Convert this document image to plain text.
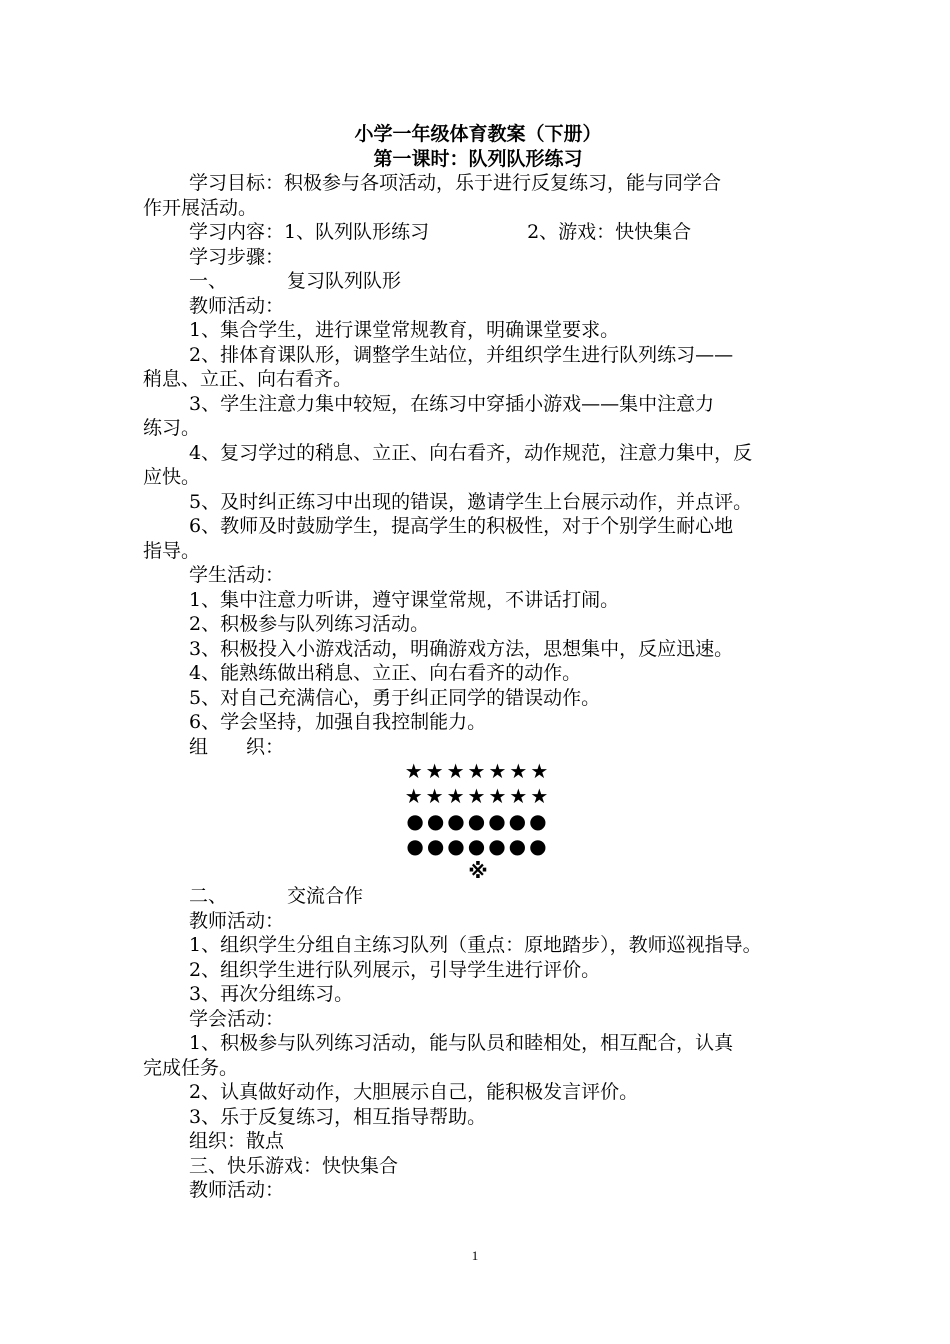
小学一年级体育教案（下册）
第一课时：队列队形练习
学习目标：积极参与各项活动，乐于进行反复练习，能与同学合
作开展活动。
学习内容：1、队列队形练习	2、游戏：快快集合
学习步骤：
一、	复习队列队形
教师活动：
1、集合学生，进行课堂常规教育，明确课堂要求。
2、排体育课队形，调整学生站位，并组织学生进行队列练习——
稍息、立正、向右看齐。
3、学生注意力集中较短，在练习中穿插小游戏——集中注意力
练习。
4、复习学过的稍息、立正、向右看齐，动作规范，注意力集中，反
应快。
5、及时纠正练习中出现的错误，邀请学生上台展示动作，并点评。
6、教师及时鼓励学生，提高学生的积极性，对于个别学生耐心地
指导。
学生活动：
1、集中注意力听讲，遵守课堂常规，不讲话打闹。
2、积极参与队列练习活动。
3、积极投入小游戏活动，明确游戏方法，思想集中，反应迅速。
4、能熟练做出稍息、立正、向右看齐的动作。
5、对自己充满信心，勇于纠正同学的错误动作。
6、学会坚持，加强自我控制能力。
组 织：
★★★★★★★
★★★★★★★
●●●●●●●
●●●●●●●
※
二、	交流合作
教师活动：
1、组织学生分组自主练习队列（重点：原地踏步），教师巡视指导。
2、组织学生进行队列展示，引导学生进行评价。
3、再次分组练习。
学会活动：
1、积极参与队列练习活动，能与队员和睦相处，相互配合，认真
完成任务。
2、认真做好动作，大胆展示自己，能积极发言评价。
3、乐于反复练习，相互指导帮助。
组织：散点
三、快乐游戏：快快集合
教师活动：
1
